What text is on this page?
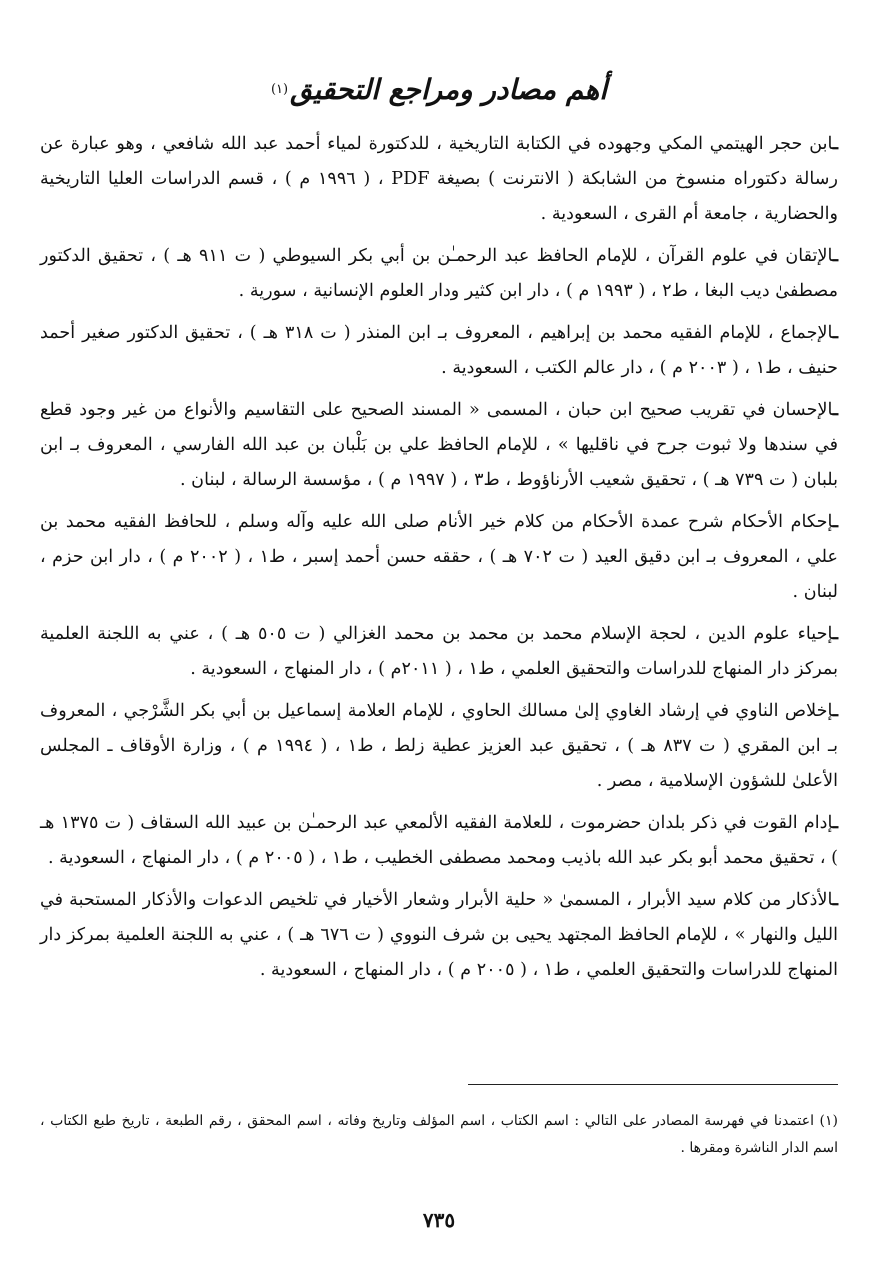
أهم مصادر ومراجع التحقيق$^{(١)}$

ـابن حجر الهيتمي المكي وجهوده في الكتابة التاريخية ، للدكتورة لمياء أحمد عبد الله شافعي ، وهو عبارة عن رسالة دكتوراه منسوخ من الشابكة ( الانترنت ) بصيغة PDF ، ( ١٩٩٦ م ) ، قسم الدراسات العليا التاريخية والحضارية ، جامعة أم القرى ، السعودية .

ـالإتقان في علوم القرآن ، للإمام الحافظ عبد الرحمـٰن بن أبي بكر السيوطي ( ت ٩١١ هـ ) ، تحقيق الدكتور مصطفىٰ ديب البغا ، ط٢ ، ( ١٩٩٣ م ) ، دار ابن كثير ودار العلوم الإنسانية ، سورية .

ـالإجماع ، للإمام الفقيه محمد بن إبراهيم ، المعروف بـ ابن المنذر ( ت ٣١٨ هـ ) ، تحقيق الدكتور صغير أحمد حنيف ، ط١ ، ( ٢٠٠٣ م ) ، دار عالم الكتب ، السعودية .

ـالإحسان في تقريب صحيح ابن حبان ، المسمى « المسند الصحيح على التقاسيم والأنواع من غير وجود قطع في سندها ولا ثبوت جرح في ناقليها » ، للإمام الحافظ علي بن بَلْبان بن عبد الله الفارسي ، المعروف بـ ابن بلبان ( ت ٧٣٩ هـ ) ، تحقيق شعيب الأرناؤوط ، ط٣ ، ( ١٩٩٧ م ) ، مؤسسة الرسالة ، لبنان .

ـإحكام الأحكام شرح عمدة الأحكام من كلام خير الأنام صلى الله عليه وآله وسلم ، للحافظ الفقيه محمد بن علي ، المعروف بـ ابن دقيق العيد ( ت ٧٠٢ هـ ) ، حققه حسن أحمد إسبر ، ط١ ، ( ٢٠٠٢ م ) ، دار ابن حزم ، لبنان .

ـإحياء علوم الدين ، لحجة الإسلام محمد بن محمد بن محمد الغزالي ( ت ٥٠٥ هـ ) ، عني به اللجنة العلمية بمركز دار المنهاج للدراسات والتحقيق العلمي ، ط١ ، ( ٢٠١١م ) ، دار المنهاج ، السعودية .

ـإخلاص الناوي في إرشاد الغاوي إلىٰ مسالك الحاوي ، للإمام العلامة إسماعيل بن أبي بكر الشَّرْجي ، المعروف بـ ابن المقري ( ت ٨٣٧ هـ ) ، تحقيق عبد العزيز عطية زلط ، ط١ ، ( ١٩٩٤ م ) ، وزارة الأوقاف ـ المجلس الأعلىٰ للشؤون الإسلامية ، مصر .

ـإدام القوت في ذكر بلدان حضرموت ، للعلامة الفقيه الألمعي عبد الرحمـٰن بن عبيد الله السقاف ( ت ١٣٧٥ هـ ) ، تحقيق محمد أبو بكر عبد الله باذيب ومحمد مصطفى الخطيب ، ط١ ، ( ٢٠٠٥ م ) ، دار المنهاج ، السعودية .

ـالأذكار من كلام سيد الأبرار ، المسمىٰ « حلية الأبرار وشعار الأخيار في تلخيص الدعوات والأذكار المستحبة في الليل والنهار » ، للإمام الحافظ المجتهد يحيى بن شرف النووي ( ت ٦٧٦ هـ ) ، عني به اللجنة العلمية بمركز دار المنهاج للدراسات والتحقيق العلمي ، ط١ ، ( ٢٠٠٥ م ) ، دار المنهاج ، السعودية .

(١) اعتمدنا في فهرسة المصادر على التالي : اسم الكتاب ، اسم المؤلف وتاريخ وفاته ، اسم المحقق ، رقم الطبعة ، تاريخ طبع الكتاب ، اسم الدار الناشرة ومقرها .

٧٣٥
